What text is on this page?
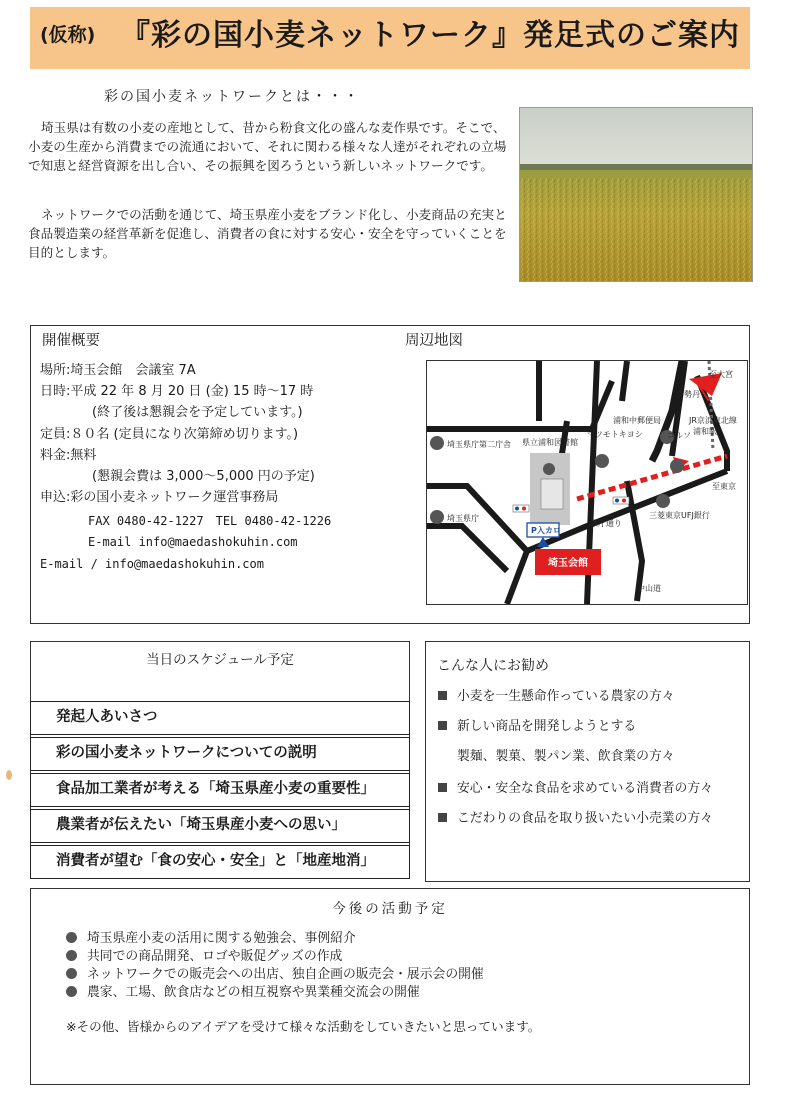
(仮称) 『彩の国小麦ネットワーク』発足式のご案内
彩の国小麦ネットワークとは・・・
埼玉県は有数の小麦の産地として、昔から粉食文化の盛んな麦作県です。そこで、小麦の生産から消費までの流通において、それに関わる様々な人達がそれぞれの立場で知恵と経営資源を出し合い、その振興を図ろうという新しいネットワークです。
ネットワークでの活動を通じて、埼玉県産小麦をブランド化し、小麦商品の充実と食品製造業の経営革新を促進し、消費者の食に対する安心・安全を守っていくことを目的とします。
開催概要	周辺地図
場所:埼玉会館　会議室 7A
日時:平成 22 年 8 月 20 日 (金) 15 時～17 時
(終了後は懇親会を予定しています。)
定員:８０名 (定員になり次第締め切ります。)
料金:無料
(懇親会費は 3,000～5,000 円の予定)
申込:彩の国小麦ネットワーク運営事務局
FAX 0480-42-1227　TEL 0480-42-1226
E-mail info@maedashokuhin.com
E-mail / info@maedashokuhin.com
至大宮
伊勢丹
JR京浜東北線
浦和駅
浦和中郵便局
県立浦和図書館
マツモトキヨシ	コルソ
埼玉県庁第二庁舎
埼玉県庁
至東京
三菱東京UFJ銀行
県庁通り
中山道
P入カロ
埼玉会館
当日のスケジュール予定
発起人あいさつ
彩の国小麦ネットワークについての説明
食品加工業者が考える「埼玉県産小麦の重要性」
農業者が伝えたい「埼玉県産小麦への思い」
消費者が望む「食の安心・安全」と「地産地消」
こんな人にお勧め
小麦を一生懸命作っている農家の方々
新しい商品を開発しようとする
製麺、製菓、製パン業、飲食業の方々
安心・安全な食品を求めている消費者の方々
こだわりの食品を取り扱いたい小売業の方々
今後の活動予定
埼玉県産小麦の活用に関する勉強会、事例紹介
共同での商品開発、ロゴや販促グッズの作成
ネットワークでの販売会への出店、独自企画の販売会・展示会の開催
農家、工場、飲食店などの相互視察や異業種交流会の開催
※その他、皆様からのアイデアを受けて様々な活動をしていきたいと思っています。
